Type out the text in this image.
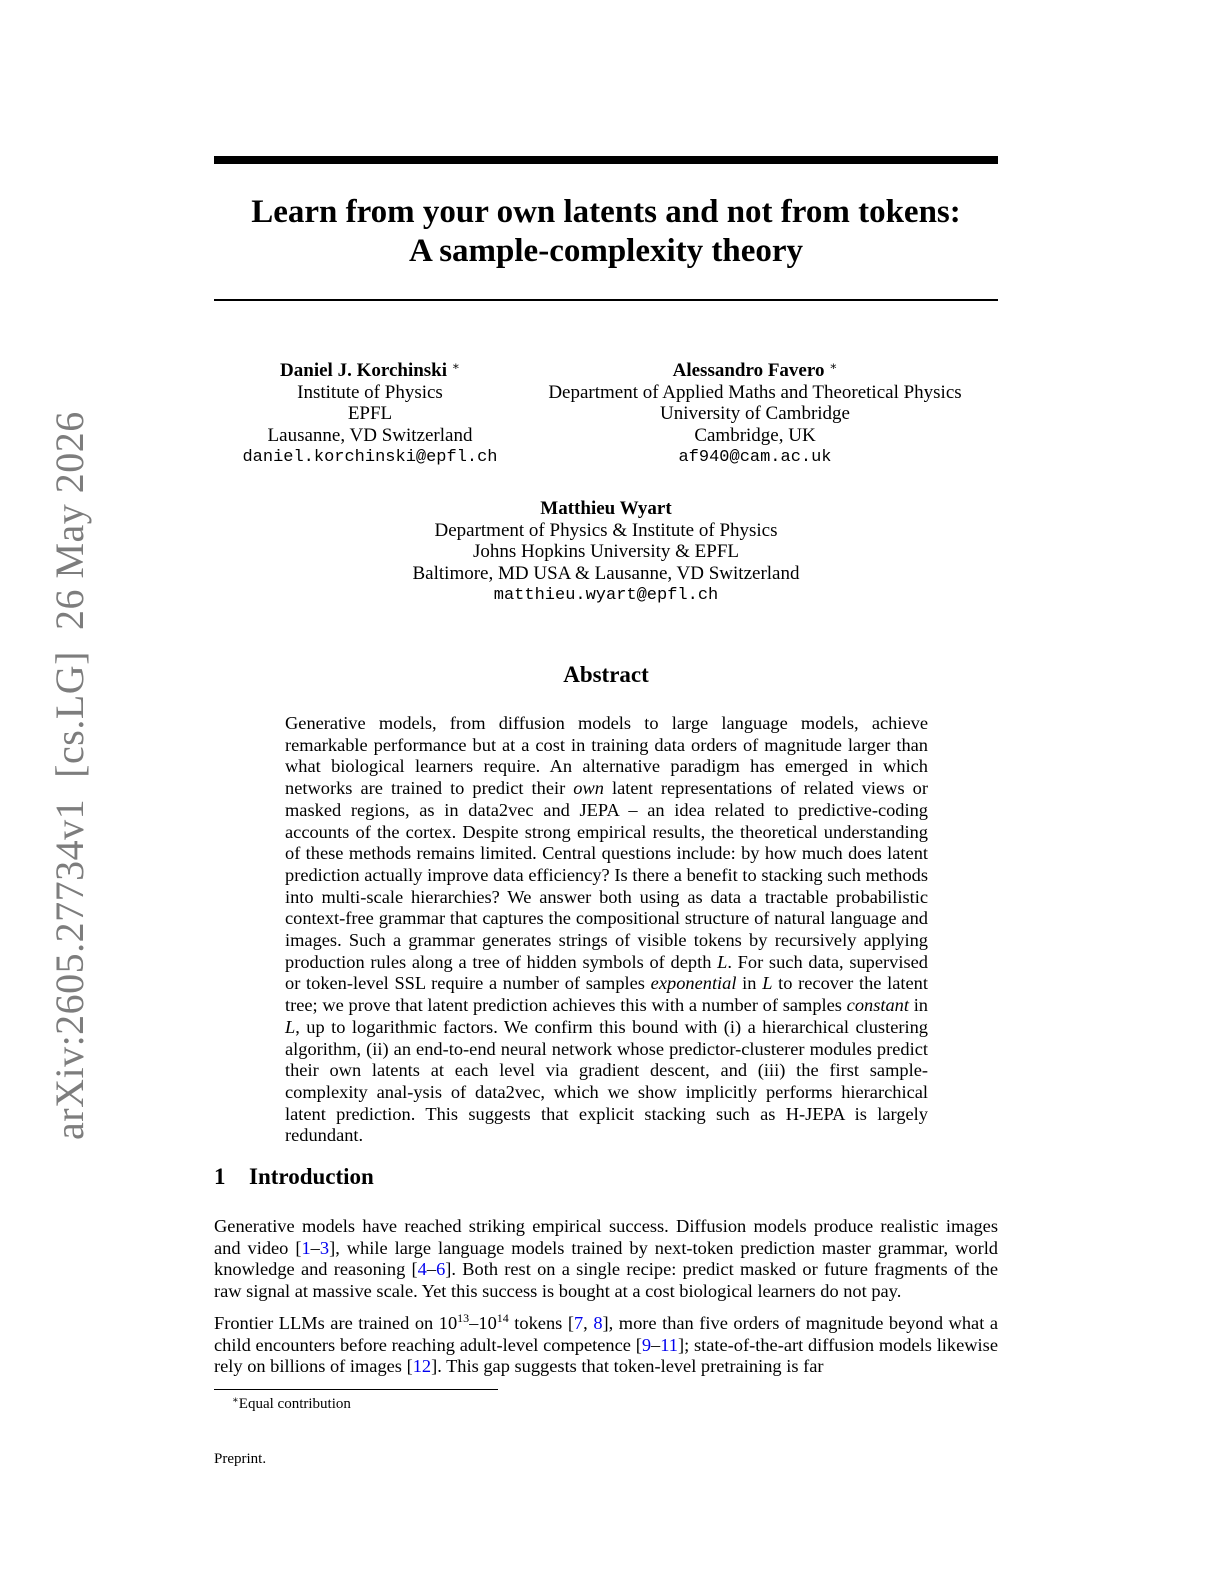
arXiv:2605.27734v1  [cs.LG]  26 May 2026
Learn from your own latents and not from tokens:
A sample-complexity theory
Daniel J. Korchinski ∗
Institute of Physics
EPFL
Lausanne, VD Switzerland
daniel.korchinski@epfl.ch
Alessandro Favero ∗
Department of Applied Maths and Theoretical Physics
University of Cambridge
Cambridge, UK
af940@cam.ac.uk
Matthieu Wyart
Department of Physics & Institute of Physics
Johns Hopkins University & EPFL
Baltimore, MD USA & Lausanne, VD Switzerland
matthieu.wyart@epfl.ch
Abstract
Generative models, from diffusion models to large language models, achieve remarkable performance but at a cost in training data orders of magnitude larger than what biological learners require. An alternative paradigm has emerged in which networks are trained to predict their own latent representations of related views or masked regions, as in data2vec and JEPA – an idea related to predictive-coding accounts of the cortex. Despite strong empirical results, the theoretical understanding of these methods remains limited. Central questions include: by how much does latent prediction actually improve data efficiency? Is there a benefit to stacking such methods into multi-scale hierarchies? We answer both using as data a tractable probabilistic context-free grammar that captures the compositional structure of natural language and images. Such a grammar generates strings of visible tokens by recursively applying production rules along a tree of hidden symbols of depth L. For such data, supervised or token-level SSL require a number of samples exponential in L to recover the latent tree; we prove that latent prediction achieves this with a number of samples constant in L, up to logarithmic factors. We confirm this bound with (i) a hierarchical clustering algorithm, (ii) an end-to-end neural network whose predictor-clusterer modules predict their own latents at each level via gradient descent, and (iii) the first sample-complexity anal-ysis of data2vec, which we show implicitly performs hierarchical latent prediction. This suggests that explicit stacking such as H-JEPA is largely redundant.
1 Introduction
Generative models have reached striking empirical success. Diffusion models produce realistic images and video [1–3], while large language models trained by next-token prediction master grammar, world knowledge and reasoning [4–6]. Both rest on a single recipe: predict masked or future fragments of the raw signal at massive scale. Yet this success is bought at a cost biological learners do not pay.
Frontier LLMs are trained on $10^{13}-10^{14}$ tokens [7, 8], more than five orders of magnitude beyond what a child encounters before reaching adult-level competence [9–11]; state-of-the-art diffusion models likewise rely on billions of images [12]. This gap suggests that token-level pretraining is far
∗Equal contribution
Preprint.
